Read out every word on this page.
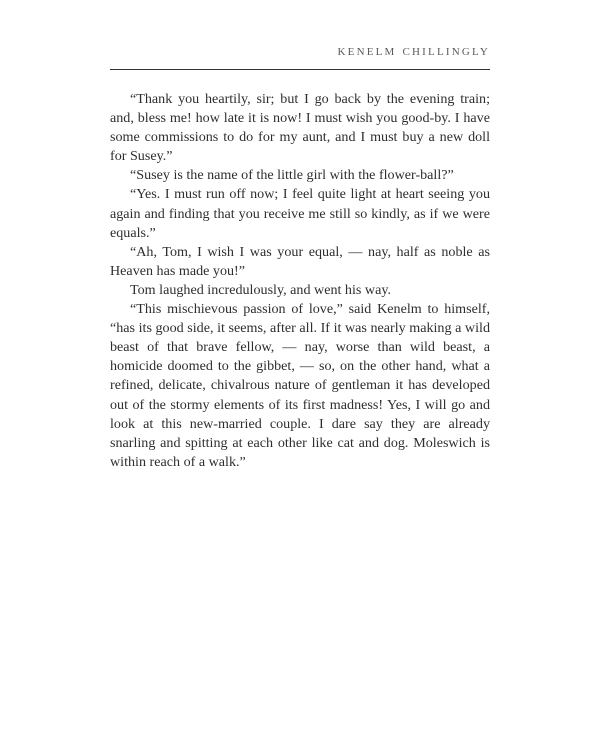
kenelm chillingly

“Thank you heartily, sir; but I go back by the evening train; and, bless me! how late it is now! I must wish you good-by. I have some commissions to do for my aunt, and I must buy a new doll for Susey.”

“Susey is the name of the little girl with the flower-ball?”

“Yes. I must run off now; I feel quite light at heart seeing you again and finding that you receive me still so kindly, as if we were equals.”

“Ah, Tom, I wish I was your equal, — nay, half as noble as Heaven has made you!”

Tom laughed incredulously, and went his way.

“This mischievous passion of love,” said Kenelm to himself, “has its good side, it seems, after all. If it was nearly making a wild beast of that brave fellow, — nay, worse than wild beast, a homicide doomed to the gibbet, — so, on the other hand, what a refined, delicate, chivalrous nature of gentleman it has developed out of the stormy elements of its first madness! Yes, I will go and look at this new-married couple. I dare say they are already snarling and spitting at each other like cat and dog. Moleswich is within reach of a walk.”
